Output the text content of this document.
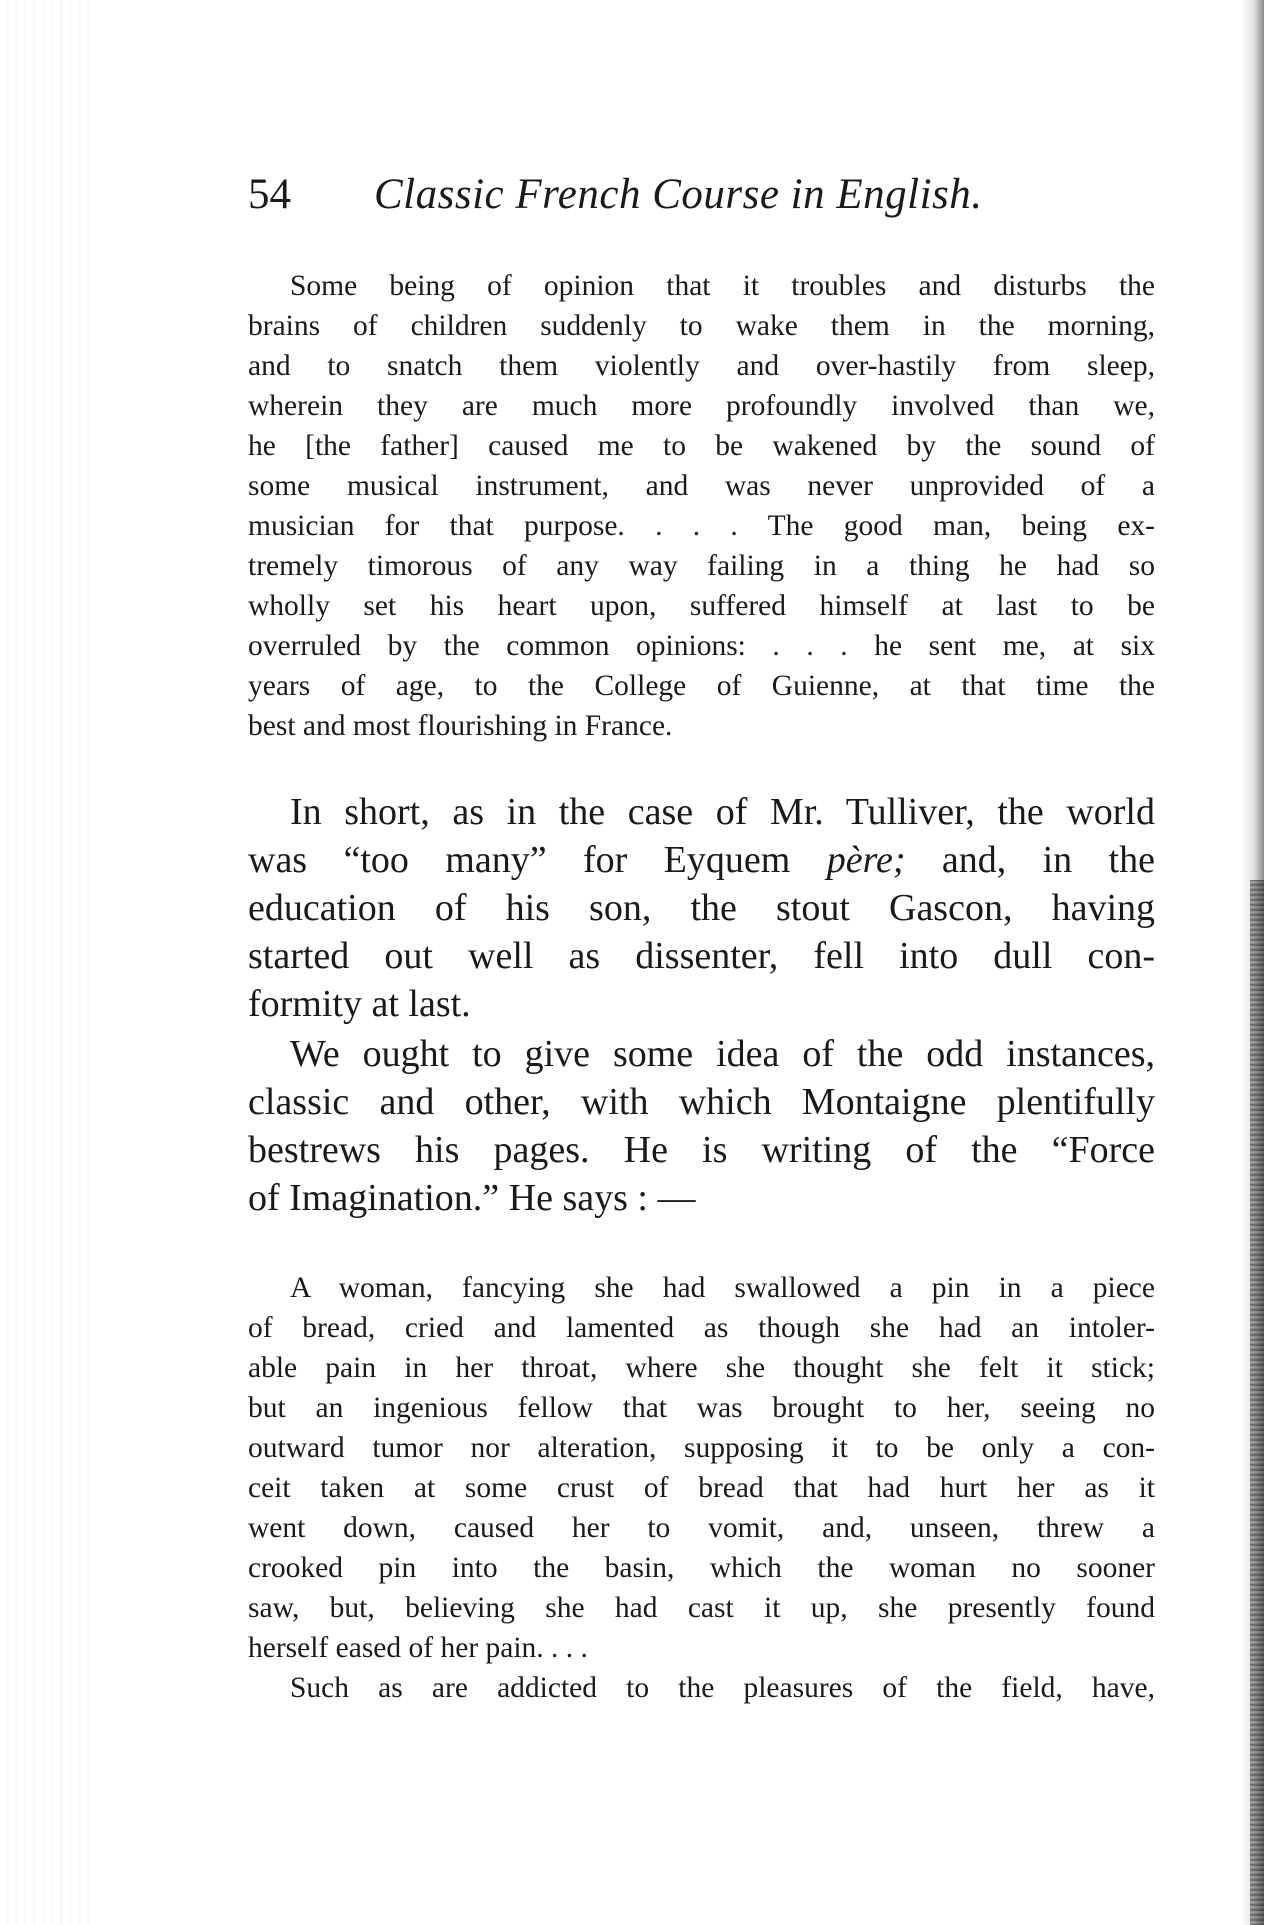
54 Classic French Course in English.
Some being of opinion that it troubles and disturbs the
brains of children suddenly to wake them in the morning,
and to snatch them violently and over-hastily from sleep,
wherein they are much more profoundly involved than we,
he [the father] caused me to be wakened by the sound of
some musical instrument, and was never unprovided of a
musician for that purpose. . . . The good man, being ex-
tremely timorous of any way failing in a thing he had so
wholly set his heart upon, suffered himself at last to be
overruled by the common opinions: . . . he sent me, at six
years of age, to the College of Guienne, at that time the
best and most flourishing in France.
In short, as in the case of Mr. Tulliver, the world
was “too many” for Eyquem père; and, in the
education of his son, the stout Gascon, having
started out well as dissenter, fell into dull con-
formity at last.
We ought to give some idea of the odd instances,
classic and other, with which Montaigne plentifully
bestrews his pages. He is writing of the “Force
of Imagination.” He says : —
A woman, fancying she had swallowed a pin in a piece
of bread, cried and lamented as though she had an intoler-
able pain in her throat, where she thought she felt it stick;
but an ingenious fellow that was brought to her, seeing no
outward tumor nor alteration, supposing it to be only a con-
ceit taken at some crust of bread that had hurt her as it
went down, caused her to vomit, and, unseen, threw a
crooked pin into the basin, which the woman no sooner
saw, but, believing she had cast it up, she presently found
herself eased of her pain. . . .
Such as are addicted to the pleasures of the field, have,
